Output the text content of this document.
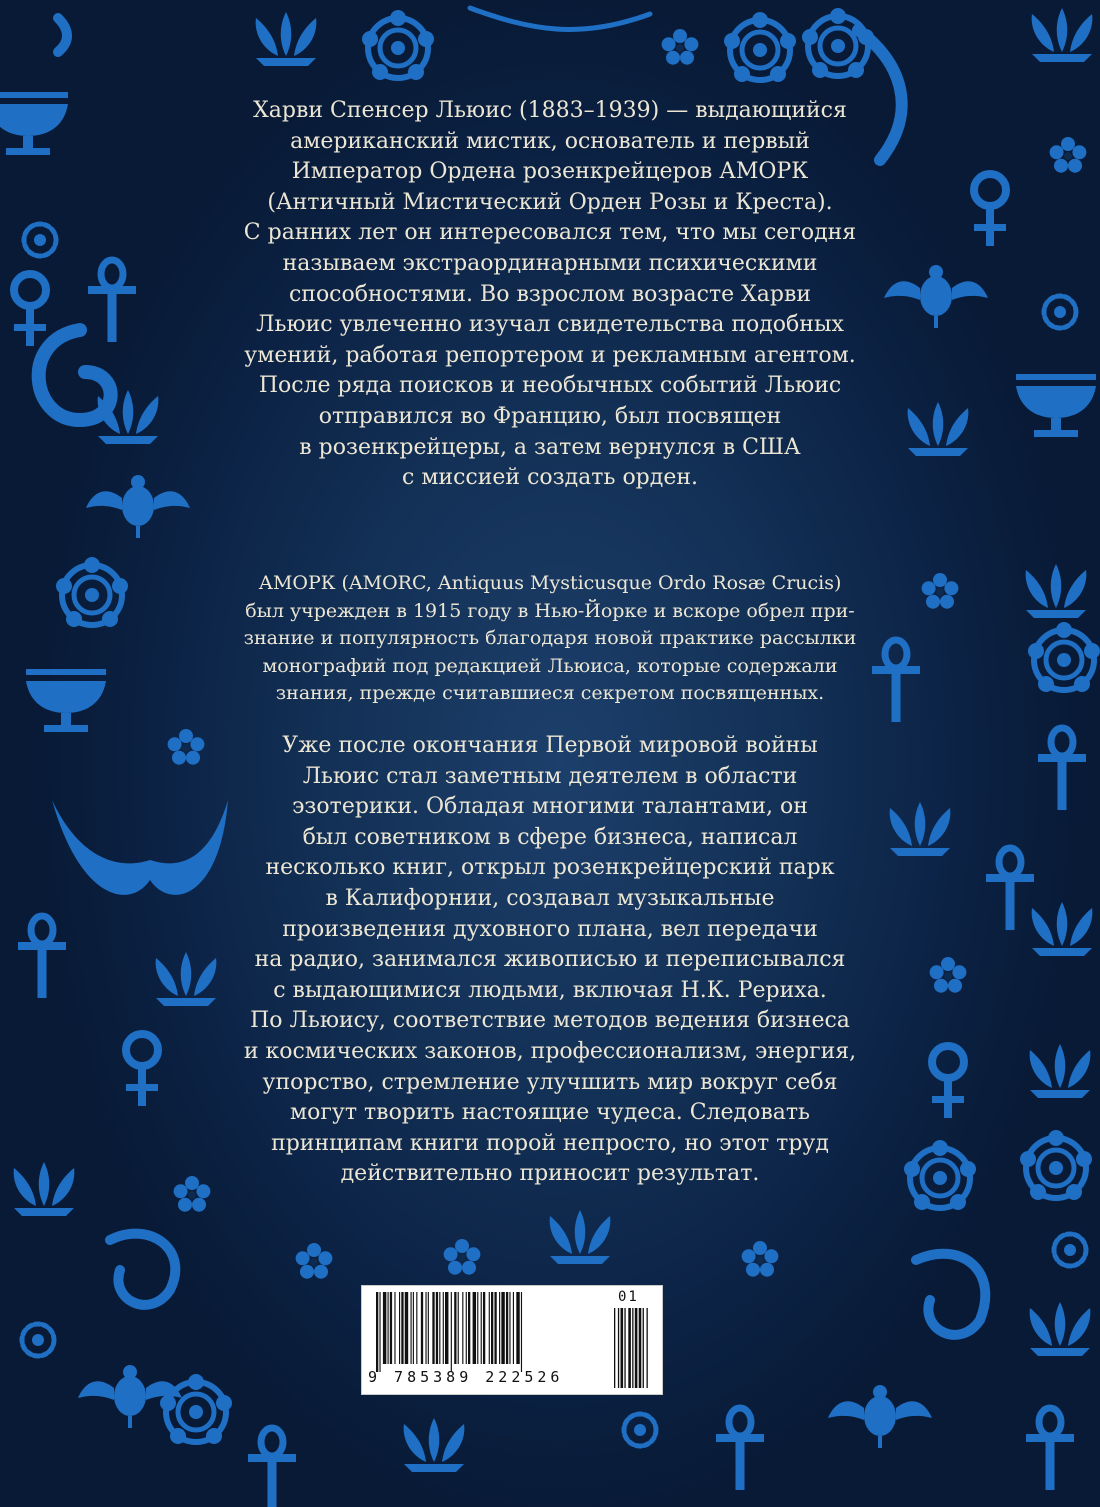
Харви Спенсер Льюис (1883–1939) — выдающийся
американский мистик, основатель и первый
Император Ордена розенкрейцеров АМОРК
(Античный Мистический Орден Розы и Креста).
С ранних лет он интересовался тем, что мы сегодня
называем экстраординарными психическими
способностями. Во взрослом возрасте Харви
Льюис увлеченно изучал свидетельства подобных
умений, работая репортером и рекламным агентом.
После ряда поисков и необычных событий Льюис
отправился во Францию, был посвящен
в розенкрейцеры, а затем вернулся в США
с миссией создать орден.

АМОРК (AMORC, Antiquus Mysticusque Ordo Rosæ Crucis)
был учрежден в 1915 году в Нью-Йорке и вскоре обрел при-
знание и популярность благодаря новой практике рассылки
монографий под редакцией Льюиса, которые содержали
знания, прежде считавшиеся секретом посвященных.

Уже после окончания Первой мировой войны
Льюис стал заметным деятелем в области
эзотерики. Обладая многими талантами, он
был советником в сфере бизнеса, написал
несколько книг, открыл розенкрейцерский парк
в Калифорнии, создавал музыкальные
произведения духовного плана, вел передачи
на радио, занимался живописью и переписывался
с выдающимися людьми, включая Н.К. Рериха.
По Льюису, соответствие методов ведения бизнеса
и космических законов, профессионализм, энергия,
упорство, стремление улучшить мир вокруг себя
могут творить настоящие чудеса. Следовать
принципам книги порой непросто, но этот труд
действительно приносит результат.

9 785389 222526
01
